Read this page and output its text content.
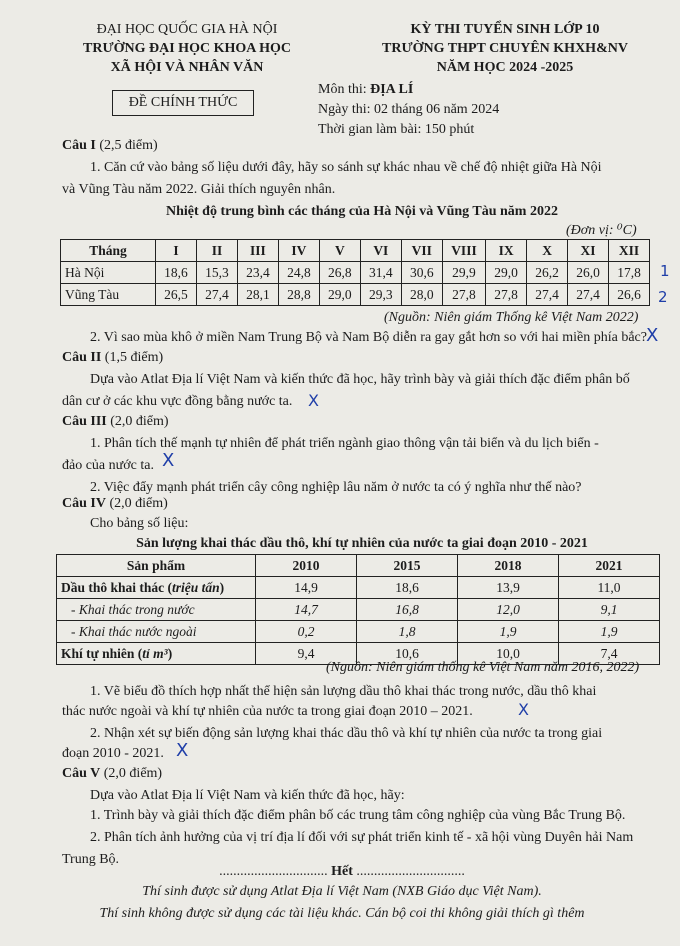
ĐẠI HỌC QUỐC GIA HÀ NỘI
TRƯỜNG ĐẠI HỌC KHOA HỌC
XÃ HỘI VÀ NHÂN VĂN
KỲ THI TUYỂN SINH LỚP 10
TRƯỜNG THPT CHUYÊN KHXH&NV
NĂM HỌC 2024 -2025
ĐỀ CHÍNH THỨC
Môn thi: ĐỊA LÍ
Ngày thi: 02 tháng 06 năm 2024
Thời gian làm bài: 150 phút
Câu I (2,5 điểm)
1. Căn cứ vào bảng số liệu dưới đây, hãy so sánh sự khác nhau về chế độ nhiệt giữa Hà Nội
và Vũng Tàu năm 2022. Giải thích nguyên nhân.
Nhiệt độ trung bình các tháng của Hà Nội và Vũng Tàu năm 2022
(Đơn vị: ⁰C)
Tháng	I	II	III	IV	V	VI	VII	VIII	IX	X	XI	XII
Hà Nội	18,6	15,3	23,4	24,8	26,8	31,4	30,6	29,9	29,0	26,2	26,0	17,8
Vũng Tàu	26,5	27,4	28,1	28,8	29,0	29,3	28,0	27,8	27,8	27,4	27,4	26,6
1
2
(Nguồn: Niên giám Thống kê Việt Nam 2022)
2. Vì sao mùa khô ở miền Nam Trung Bộ và Nam Bộ diễn ra gay gắt hơn so với hai miền phía bắc? X
Câu II (1,5 điểm)
Dựa vào Atlat Địa lí Việt Nam và kiến thức đã học, hãy trình bày và giải thích đặc điểm phân bố
dân cư ở các khu vực đồng bằng nước ta. X
Câu III (2,0 điểm)
1. Phân tích thế mạnh tự nhiên để phát triển ngành giao thông vận tải biển và du lịch biển -
đảo của nước ta. X
2. Việc đẩy mạnh phát triển cây công nghiệp lâu năm ở nước ta có ý nghĩa như thế nào?
Câu IV (2,0 điểm)
Cho bảng số liệu:
Sản lượng khai thác dầu thô, khí tự nhiên của nước ta giai đoạn 2010 - 2021
Sản phẩm	2010	2015	2018	2021
Dầu thô khai thác (triệu tấn)	14,9	18,6	13,9	11,0
- Khai thác trong nước	14,7	16,8	12,0	9,1
- Khai thác nước ngoài	0,2	1,8	1,9	1,9
Khí tự nhiên (tỉ m³)	9,4	10,6	10,0	7,4
(Nguồn: Niên giám thống kê Việt Nam năm 2016, 2022)
1. Vẽ biểu đồ thích hợp nhất thể hiện sản lượng dầu thô khai thác trong nước, dầu thô khai
thác nước ngoài và khí tự nhiên của nước ta trong giai đoạn 2010 – 2021.	X
2. Nhận xét sự biến động sản lượng khai thác dầu thô và khí tự nhiên của nước ta trong giai
đoạn 2010 - 2021. X
Câu V (2,0 điểm)
Dựa vào Atlat Địa lí Việt Nam và kiến thức đã học, hãy:
1. Trình bày và giải thích đặc điểm phân bố các trung tâm công nghiệp của vùng Bắc Trung Bộ.
2. Phân tích ảnh hưởng của vị trí địa lí đối với sự phát triển kinh tế - xã hội vùng Duyên hải Nam
Trung Bộ.
............................... Hết ...............................
Thí sinh được sử dụng Atlat Địa lí Việt Nam (NXB Giáo dục Việt Nam).
Thí sinh không được sử dụng các tài liệu khác. Cán bộ coi thi không giải thích gì thêm
